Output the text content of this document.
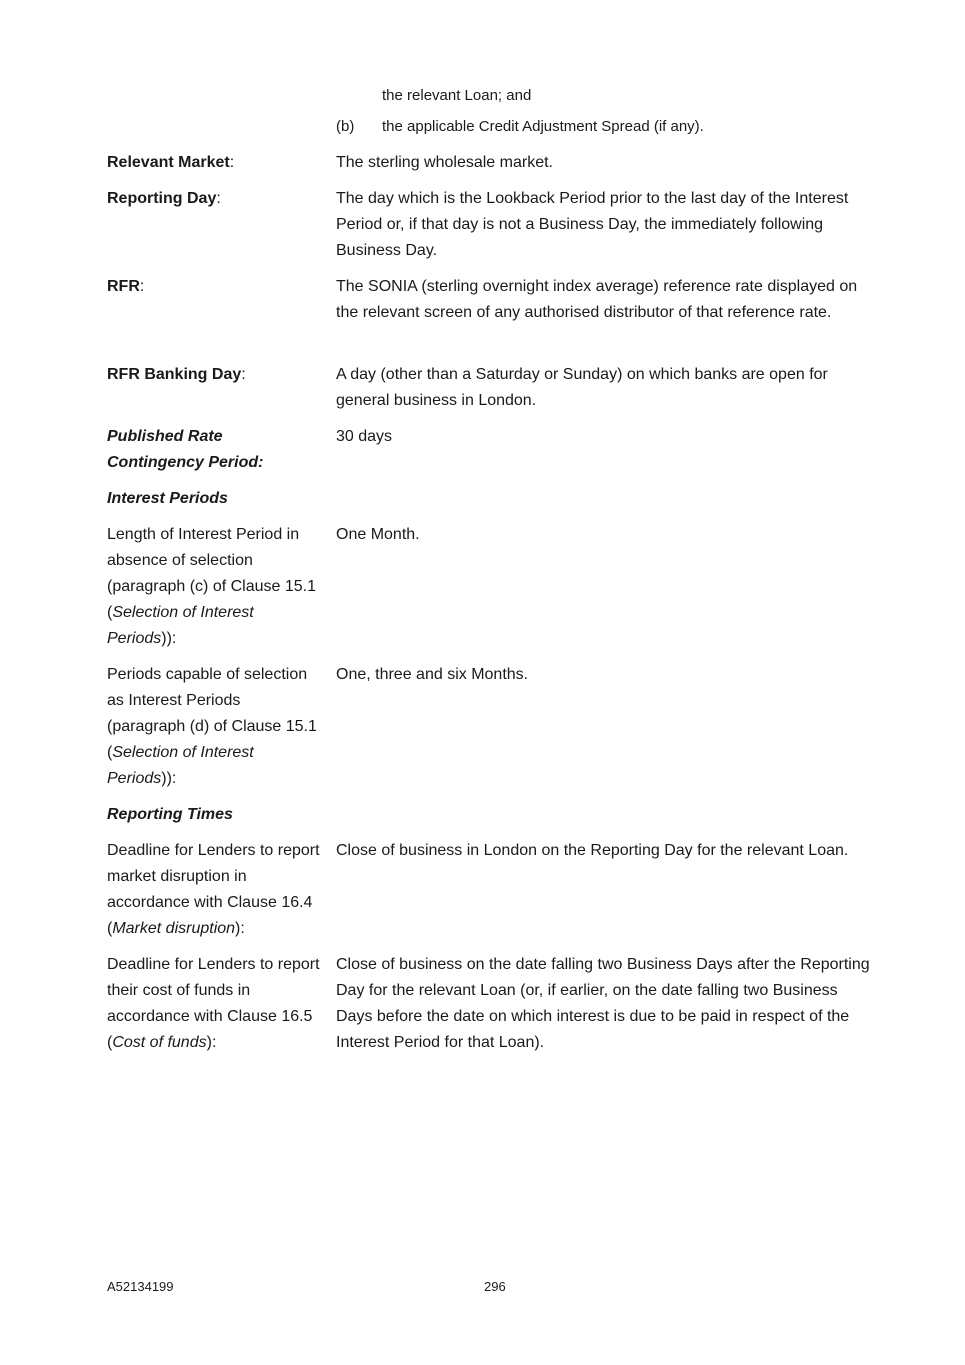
the relevant Loan; and
(b) the applicable Credit Adjustment Spread (if any).
Relevant Market:	The sterling wholesale market.
Reporting Day:	The day which is the Lookback Period prior to the last day of the Interest Period or, if that day is not a Business Day, the immediately following Business Day.
RFR:	The SONIA (sterling overnight index average) reference rate displayed on the relevant screen of any authorised distributor of that reference rate.
RFR Banking Day:	A day (other than a Saturday or Sunday) on which banks are open for general business in London.
Published Rate Contingency Period:
30 days
Interest Periods
Length of Interest Period in absence of selection (paragraph (c) of Clause 15.1 (Selection of Interest Periods)):
One Month.
Periods capable of selection as Interest Periods (paragraph (d) of Clause 15.1 (Selection of Interest Periods)):
One, three and six Months.
Reporting Times
Deadline for Lenders to report market disruption in accordance with Clause 16.4 (Market disruption):
Close of business in London on the Reporting Day for the relevant Loan.
Deadline for Lenders to report their cost of funds in accordance with Clause 16.5 (Cost of funds):
Close of business on the date falling two Business Days after the Reporting Day for the relevant Loan (or, if earlier, on the date falling two Business Days before the date on which interest is due to be paid in respect of the Interest Period for that Loan).
A52134199	296
